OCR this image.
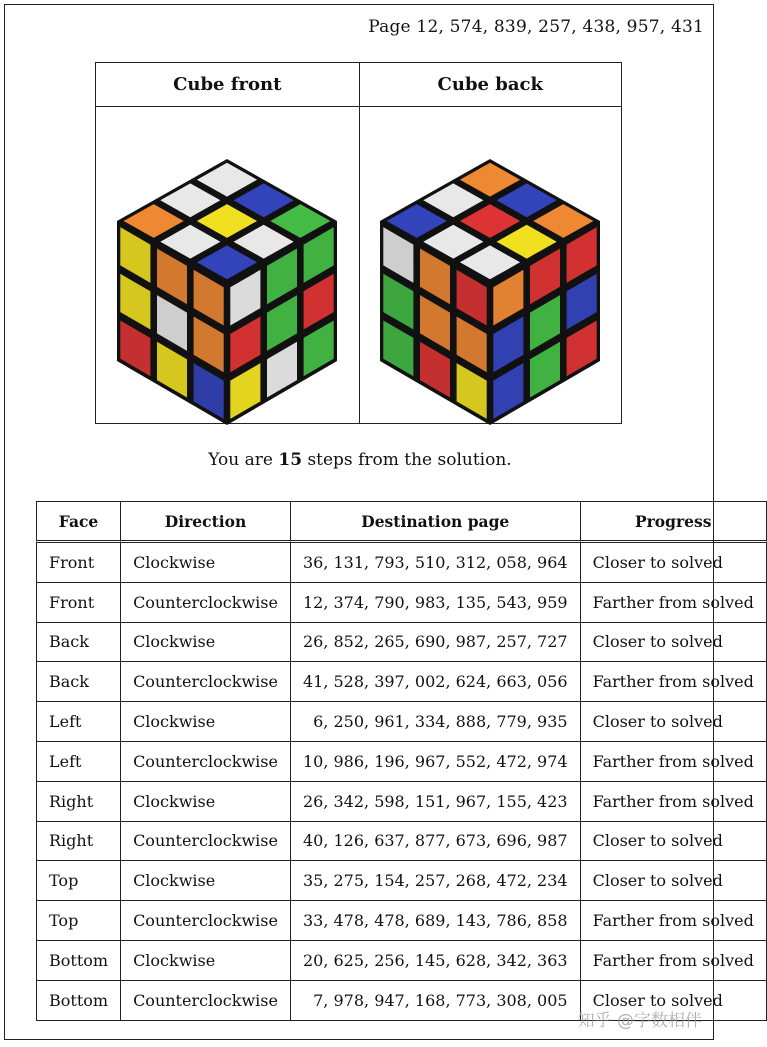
Page 12, 574, 839, 257, 438, 957, 431
Cube front	Cube back
You are 15 steps from the solution.
Face	Direction	Destination page	Progress
Front	Clockwise	36, 131, 793, 510, 312, 058, 964	Closer to solved
Front	Counterclockwise	12, 374, 790, 983, 135, 543, 959	Farther from solved
Back	Clockwise	26, 852, 265, 690, 987, 257, 727	Closer to solved
Back	Counterclockwise	41, 528, 397, 002, 624, 663, 056	Farther from solved
Left	Clockwise	6, 250, 961, 334, 888, 779, 935	Closer to solved
Left	Counterclockwise	10, 986, 196, 967, 552, 472, 974	Farther from solved
Right	Clockwise	26, 342, 598, 151, 967, 155, 423	Farther from solved
Right	Counterclockwise	40, 126, 637, 877, 673, 696, 987	Closer to solved
Top	Clockwise	35, 275, 154, 257, 268, 472, 234	Closer to solved
Top	Counterclockwise	33, 478, 478, 689, 143, 786, 858	Farther from solved
Bottom	Clockwise	20, 625, 256, 145, 628, 342, 363	Farther from solved
Bottom	Counterclockwise	7, 978, 947, 168, 773, 308, 005	Closer to solved
知乎 @字数相伴
